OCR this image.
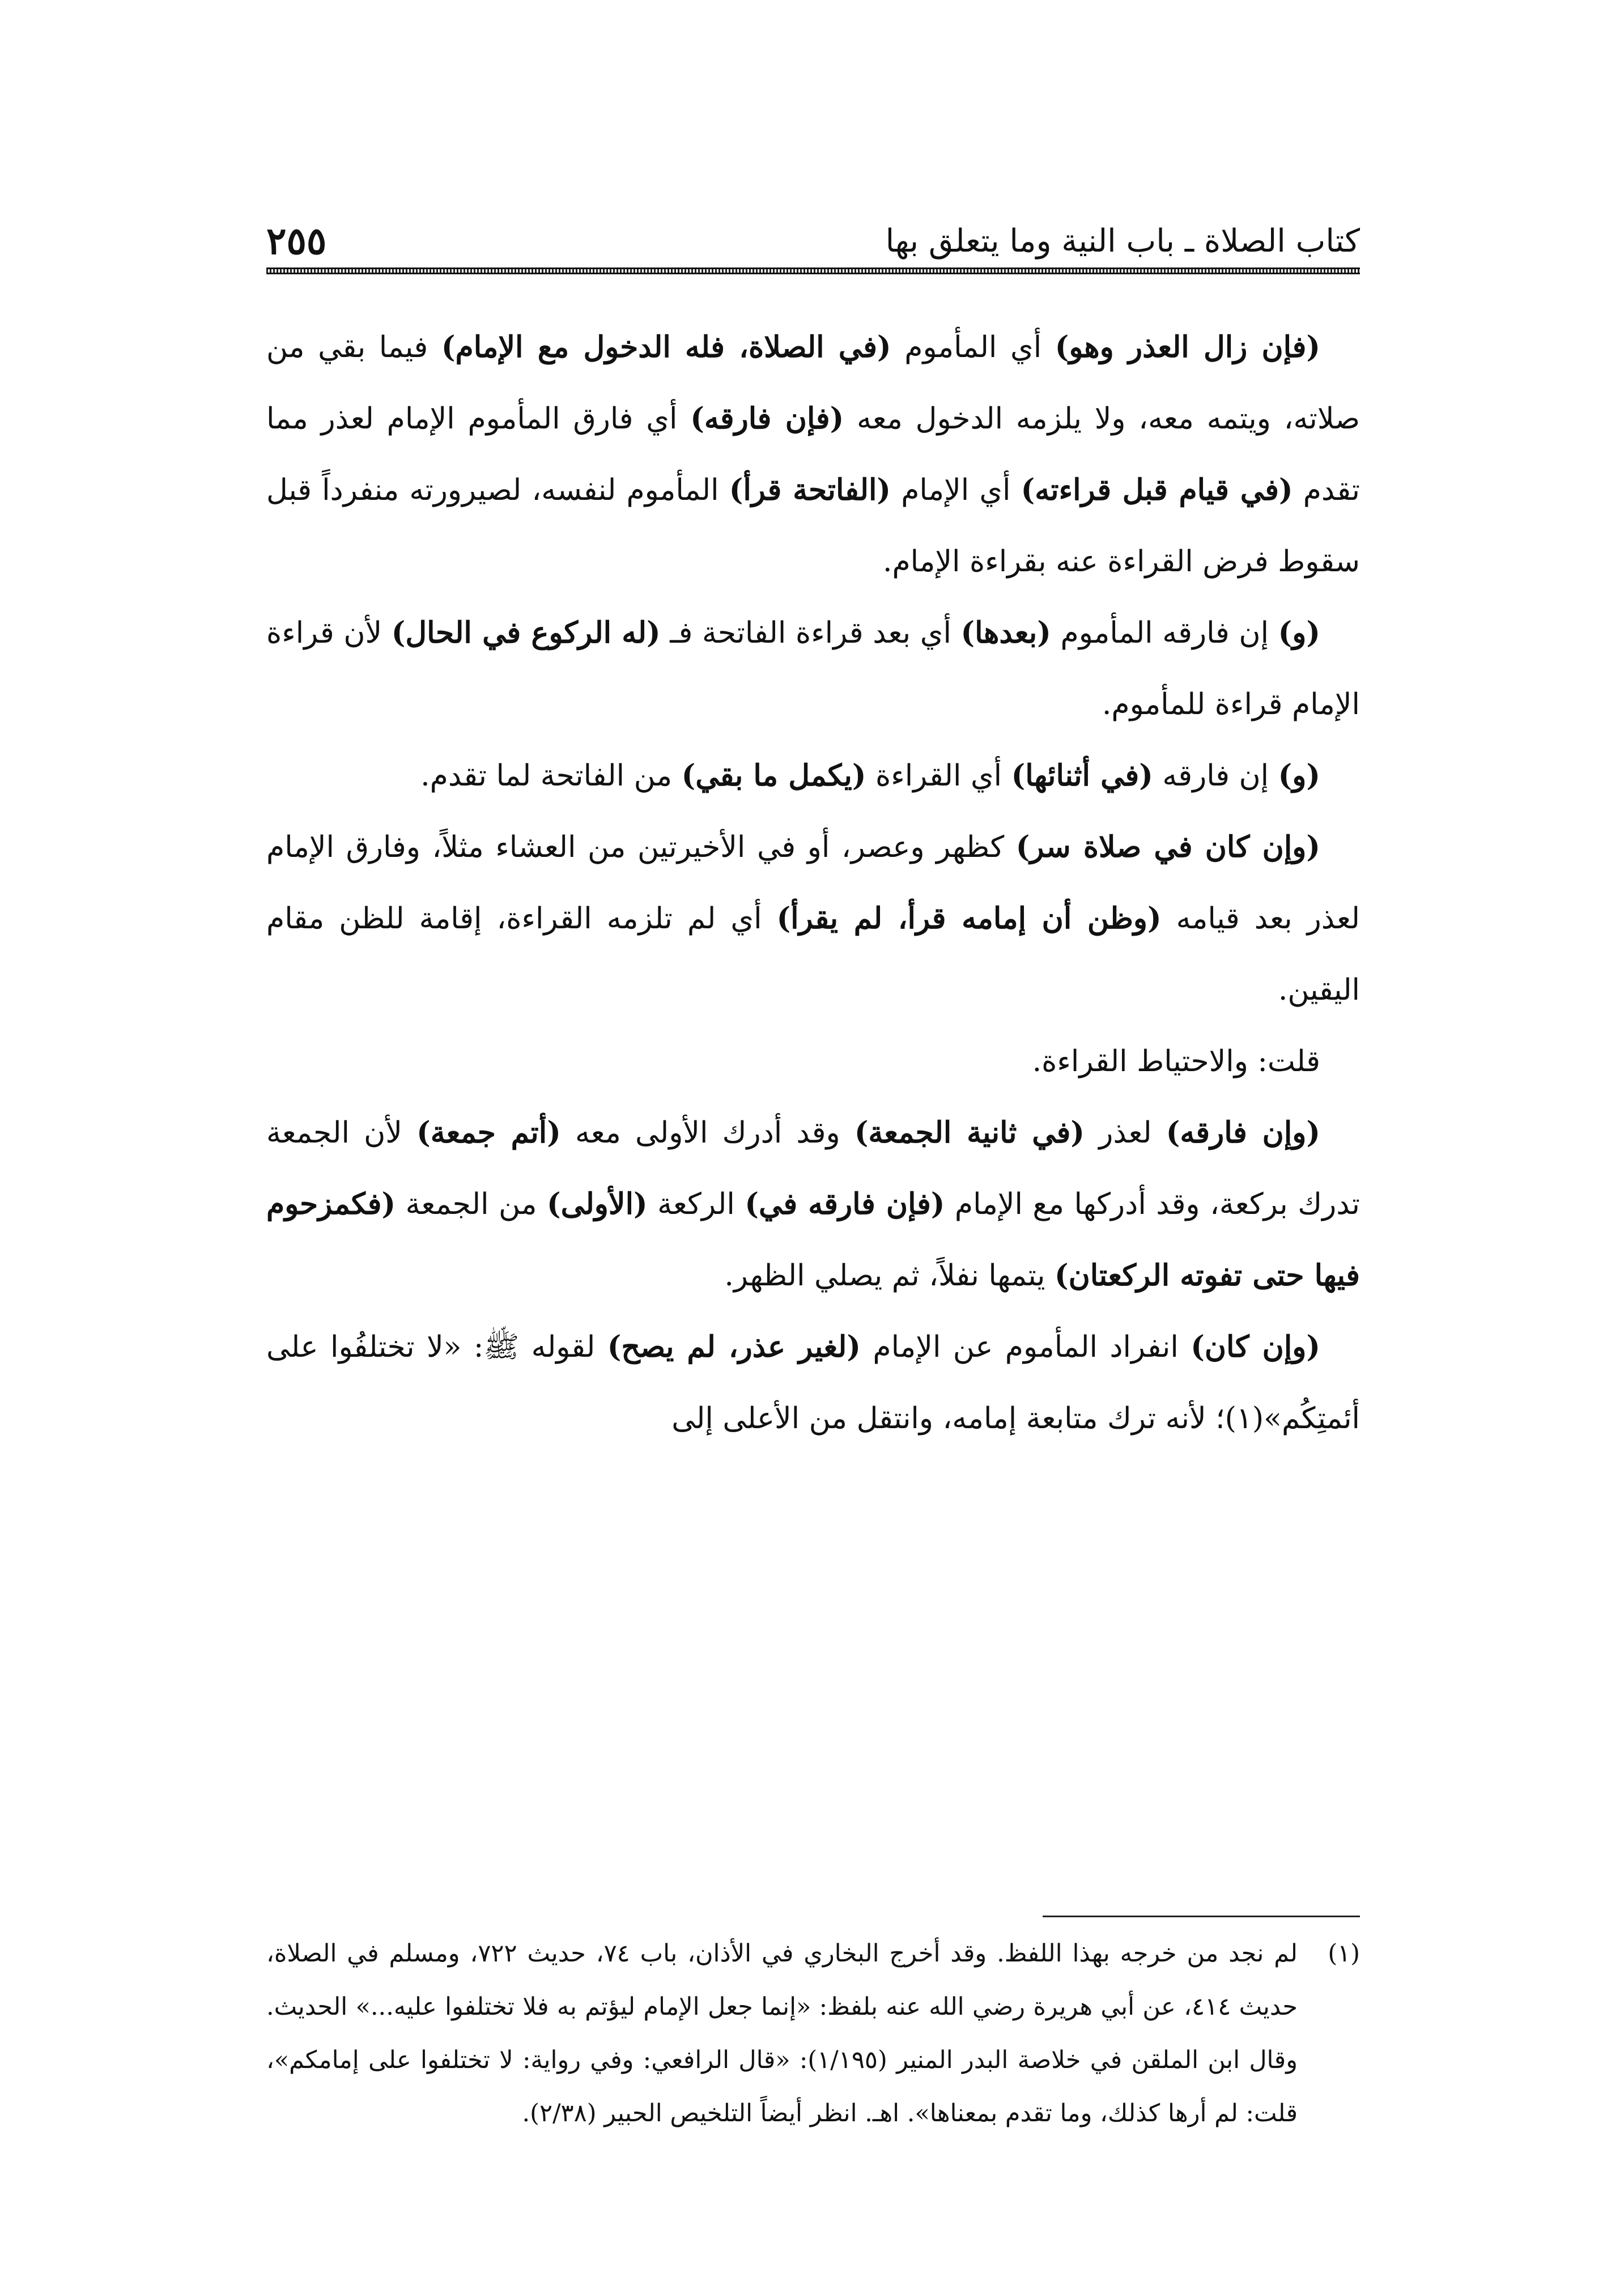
كتاب الصلاة ـ باب النية وما يتعلق بها
٢٥٥

(فإن زال العذر وهو) أي المأموم (في الصلاة، فله الدخول مع الإمام) فيما بقي من صلاته، ويتمه معه، ولا يلزمه الدخول معه (فإن فارقه) أي فارق المأموم الإمام لعذر مما تقدم (في قيام قبل قراءته) أي الإمام (الفاتحة قرأ) المأموم لنفسه، لصيرورته منفرداً قبل سقوط فرض القراءة عنه بقراءة الإمام.

(و) إن فارقه المأموم (بعدها) أي بعد قراءة الفاتحة فـ (له الركوع في الحال) لأن قراءة الإمام قراءة للمأموم.

(و) إن فارقه (في أثنائها) أي القراءة (يكمل ما بقي) من الفاتحة لما تقدم.

(وإن كان في صلاة سر) كظهر وعصر، أو في الأخيرتين من العشاء مثلاً، وفارق الإمام لعذر بعد قيامه (وظن أن إمامه قرأ، لم يقرأ) أي لم تلزمه القراءة، إقامة للظن مقام اليقين.

قلت: والاحتياط القراءة.

(وإن فارقه) لعذر (في ثانية الجمعة) وقد أدرك الأولى معه (أتم جمعة) لأن الجمعة تدرك بركعة، وقد أدركها مع الإمام (فإن فارقه في) الركعة (الأولى) من الجمعة (فكمزحوم فيها حتى تفوته الركعتان) يتمها نفلاً، ثم يصلي الظهر.

(وإن كان) انفراد المأموم عن الإمام (لغير عذر، لم يصح) لقوله ﷺ: «لا تختلفُوا على أئمتِكُم»(١)؛ لأنه ترك متابعة إمامه، وانتقل من الأعلى إلى

(١)
لم نجد من خرجه بهذا اللفظ. وقد أخرج البخاري في الأذان، باب ٧٤، حديث ٧٢٢، ومسلم في الصلاة، حديث ٤١٤، عن أبي هريرة رضي الله عنه بلفظ: «إنما جعل الإمام ليؤتم به فلا تختلفوا عليه...» الحديث. وقال ابن الملقن في خلاصة البدر المنير (١/١٩٥): «قال الرافعي: وفي رواية: لا تختلفوا على إمامكم»، قلت: لم أرها كذلك، وما تقدم بمعناها». اهـ. انظر أيضاً التلخيص الحبير (٢/٣٨).
